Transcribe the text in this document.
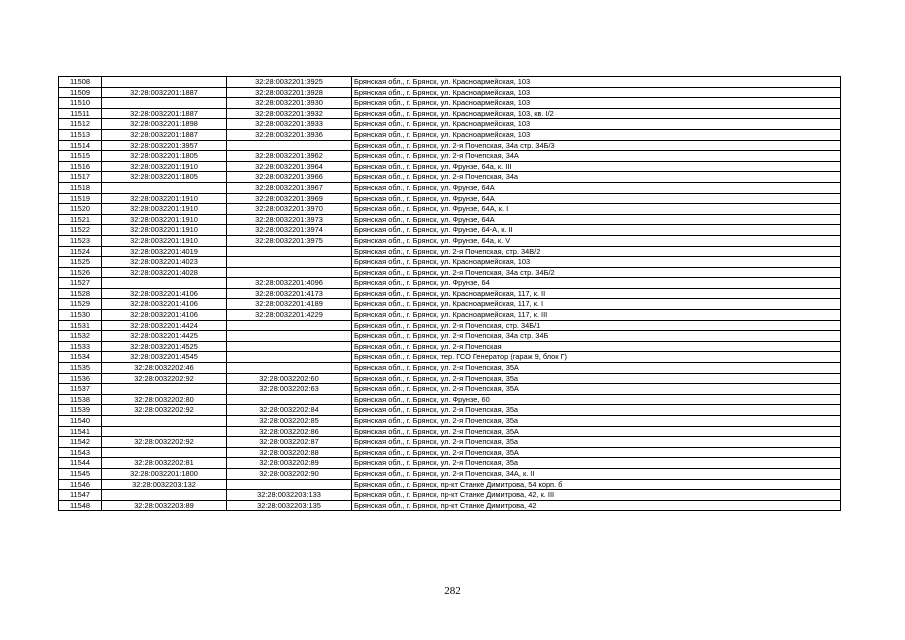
11508		32:28:0032201:3925	Брянская обл., г. Брянск, ул. Красноармейская, 103
11509	32:28:0032201:1887	32:28:0032201:3928	Брянская обл., г. Брянск, ул. Красноармейская, 103
11510		32:28:0032201:3930	Брянская обл., г. Брянск, ул. Красноармейская, 103
11511	32:28:0032201:1887	32:28:0032201:3932	Брянская обл., г. Брянск, ул. Красноармейская, 103, кв. I/2
11512	32:28:0032201:1898	32:28:0032201:3933	Брянская обл., г. Брянск, ул. Красноармейская, 103
11513	32:28:0032201:1887	32:28:0032201:3936	Брянская обл., г. Брянск, ул. Красноармейская, 103
11514	32:28:0032201:3957		Брянская обл., г. Брянск, ул. 2-я Почепская, 34а стр. 34Б/3
11515	32:28:0032201:1805	32:28:0032201:3962	Брянская обл., г. Брянск, ул. 2-я Почепская, 34А
11516	32:28:0032201:1910	32:28:0032201:3964	Брянская обл., г. Брянск, ул. Фрунзе, 64а, к. III
11517	32:28:0032201:1805	32:28:0032201:3966	Брянская обл., г. Брянск, ул. 2-я Почепская, 34а
11518		32:28:0032201:3967	Брянская обл., г. Брянск, ул. Фрунзе, 64А
11519	32:28:0032201:1910	32:28:0032201:3969	Брянская обл., г. Брянск, ул. Фрунзе, 64А
11520	32:28:0032201:1910	32:28:0032201:3970	Брянская обл., г. Брянск, ул. Фрунзе, 64А, к. I
11521	32:28:0032201:1910	32:28:0032201:3973	Брянская обл., г. Брянск, ул. Фрунзе, 64А
11522	32:28:0032201:1910	32:28:0032201:3974	Брянская обл., г. Брянск, ул. Фрунзе, 64-А, к. II
11523	32:28:0032201:1910	32:28:0032201:3975	Брянская обл., г. Брянск, ул. Фрунзе, 64а, к. V
11524	32:28:0032201:4019		Брянская обл., г. Брянск, ул. 2-я Почепская, стр. 34В/2
11525	32:28:0032201:4023		Брянская обл., г. Брянск, ул. Красноармейская, 103
11526	32:28:0032201:4028		Брянская обл., г. Брянск, ул. 2-я Почепская, 34а стр. 34Б/2
11527		32:28:0032201:4096	Брянская обл., г. Брянск, ул. Фрунзе, 64
11528	32:28:0032201:4106	32:28:0032201:4173	Брянская обл., г. Брянск, ул. Красноармейская, 117, к. II
11529	32:28:0032201:4106	32:28:0032201:4189	Брянская обл., г. Брянск, ул. Красноармейская, 117, к. I
11530	32:28:0032201:4106	32:28:0032201:4229	Брянская обл., г. Брянск, ул. Красноармейская, 117, к. III
11531	32:28:0032201:4424		Брянская обл., г. Брянск, ул. 2-я Почепская, стр. 34Б/1
11532	32:28:0032201:4425		Брянская обл., г. Брянск, ул. 2-я Почепская, 34а стр. 34Б
11533	32:28:0032201:4525		Брянская обл., г. Брянск, ул. 2-я Почепская
11534	32:28:0032201:4545		Брянская обл., г. Брянск, тер. ГСО Генератор (гараж 9, блок Г)
11535	32:28:0032202:46		Брянская обл., г. Брянск, ул. 2-я Почепская, 35А
11536	32:28:0032202:92	32:28:0032202:60	Брянская обл., г. Брянск, ул. 2-я Почепская, 35а
11537		32:28:0032202:63	Брянская обл., г. Брянск, ул. 2-я Почепская, 35А
11538	32:28:0032202:80		Брянская обл., г. Брянск, ул. Фрунзе, 60
11539	32:28:0032202:92	32:28:0032202:84	Брянская обл., г. Брянск, ул. 2-я Почепская, 35а
11540		32:28:0032202:85	Брянская обл., г. Брянск, ул. 2-я Почепская, 35а
11541		32:28:0032202:86	Брянская обл., г. Брянск, ул. 2-я Почепская, 35А
11542	32:28:0032202:92	32:28:0032202:87	Брянская обл., г. Брянск, ул. 2-я Почепская, 35а
11543		32:28:0032202:88	Брянская обл., г. Брянск, ул. 2-я Почепская, 35А
11544	32:28:0032202:81	32:28:0032202:89	Брянская обл., г. Брянск, ул. 2-я Почепская, 35а
11545	32:28:0032201:1800	32:28:0032202:90	Брянская обл., г. Брянск, ул. 2-я Почепская, 34А, к. II
11546	32:28:0032203:132		Брянская обл., г. Брянск, пр-кт Станке Димитрова, 54 корп. б
11547		32:28:0032203:133	Брянская обл., г. Брянск, пр-кт Станке Димитрова, 42, к. III
11548	32:28:0032203:89	32:28:0032203:135	Брянская обл., г. Брянск, пр-кт Станке Димитрова, 42
282
